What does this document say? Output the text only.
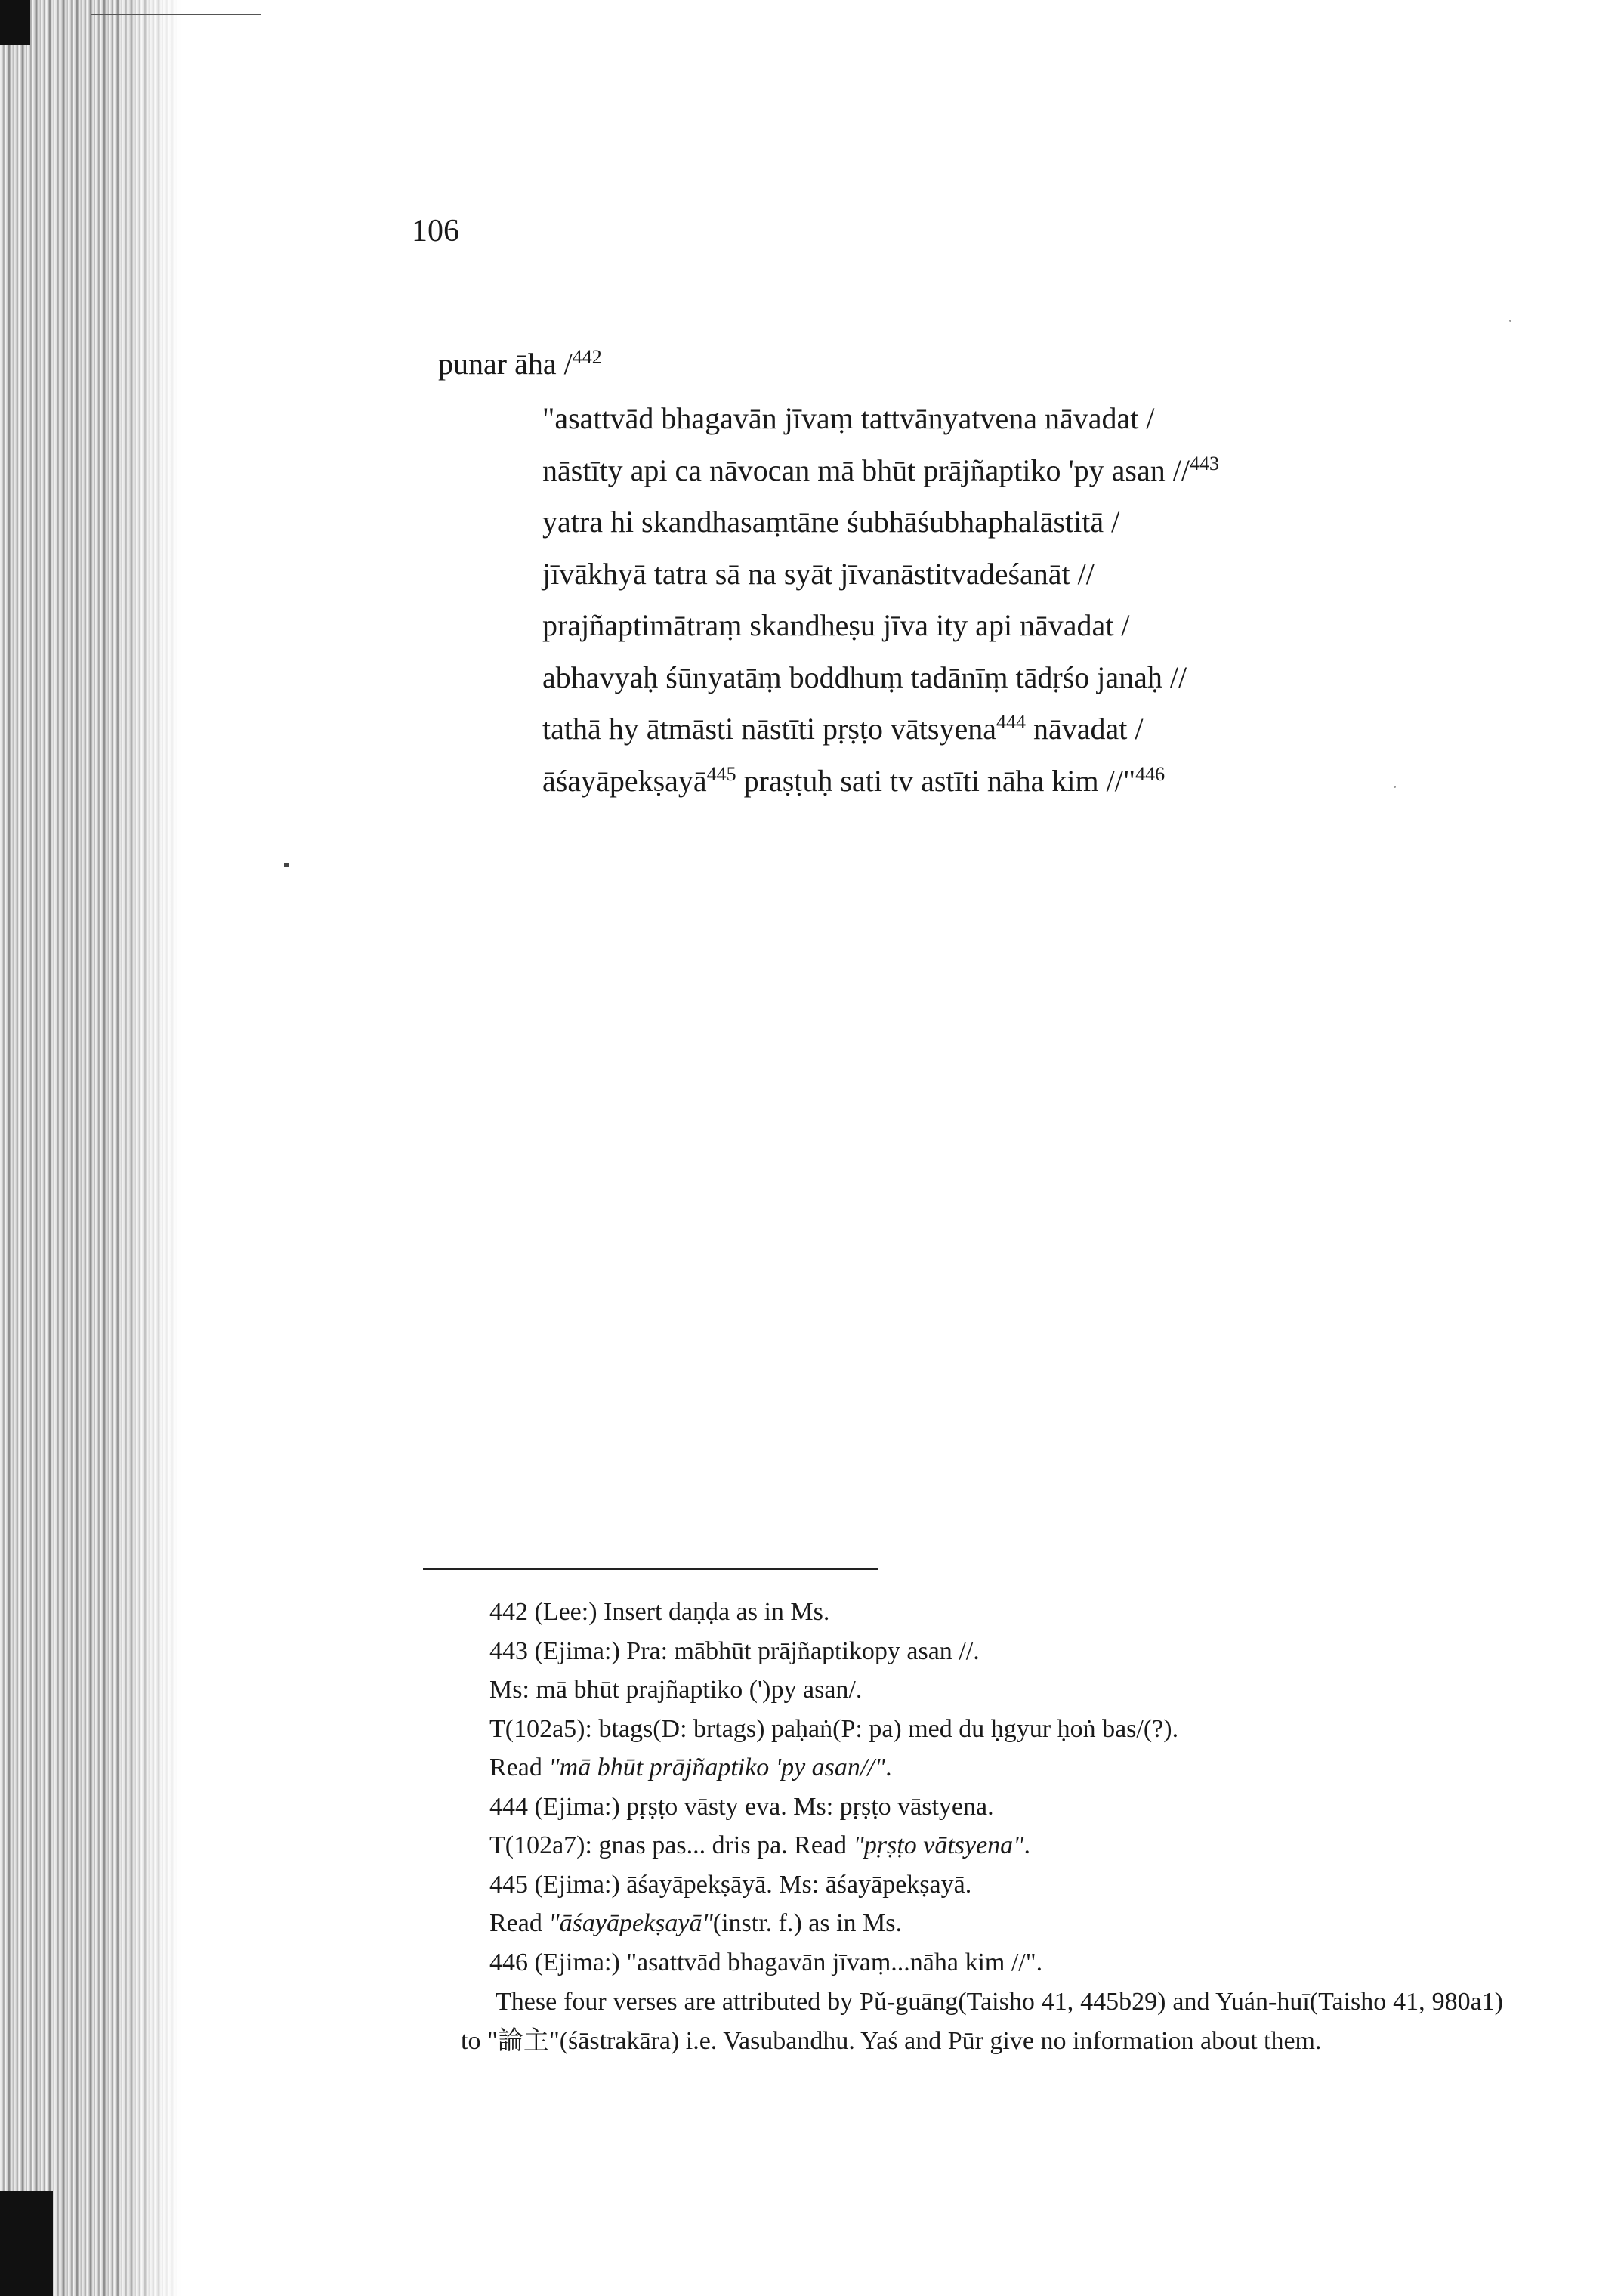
106
punar āha /$^{442}$
"asattvād bhagavān jīvaṃ tattvānyatvena nāvadat /
nāstīty api ca nāvocan mā bhūt prājñaptiko 'py asan //$^{443}$
yatra hi skandhasaṃtāne śubhāśubhaphalāstitā /
jīvākhyā tatra sā na syāt jīvanāstitvadeśanāt //
prajñaptimātraṃ skandheṣu jīva ity api nāvadat /
abhavyaḥ śūnyatāṃ boddhuṃ tadānīṃ tādṛśo janaḥ //
tathā hy ātmāsti nāstīti pṛṣṭo vātsyena$^{444}$ nāvadat /
āśayāpekṣayā$^{445}$ praṣṭuḥ sati tv astīti nāha kim //"$^{446}$
442 (Lee:) Insert daṇḍa as in Ms.
443 (Ejima:) Pra: mābhūt prājñaptikopy asan //.
Ms: mā bhūt prajñaptiko (')py asan/.
T(102a5): btags(D: brtags) paḥaṅ(P: pa) med du ḥgyur ḥoṅ bas/(?).
Read "mā bhūt prājñaptiko 'py asan//".
444 (Ejima:) pṛṣṭo vāsty eva. Ms: pṛṣṭo vāstyena.
T(102a7): gnas pas... dris pa. Read "pṛṣṭo vātsyena".
445 (Ejima:) āśayāpekṣāyā. Ms: āśayāpekṣayā.
Read "āśayāpekṣayā"(instr. f.) as in Ms.
446 (Ejima:) "asattvād bhagavān jīvaṃ...nāha kim //".
These four verses are attributed by Pǔ-guāng(Taisho 41, 445b29) and Yuán-huī(Taisho 41, 980a1) to "論主"(śāstrakāra) i.e. Vasubandhu. Yaś and Pūr give no information about them.
